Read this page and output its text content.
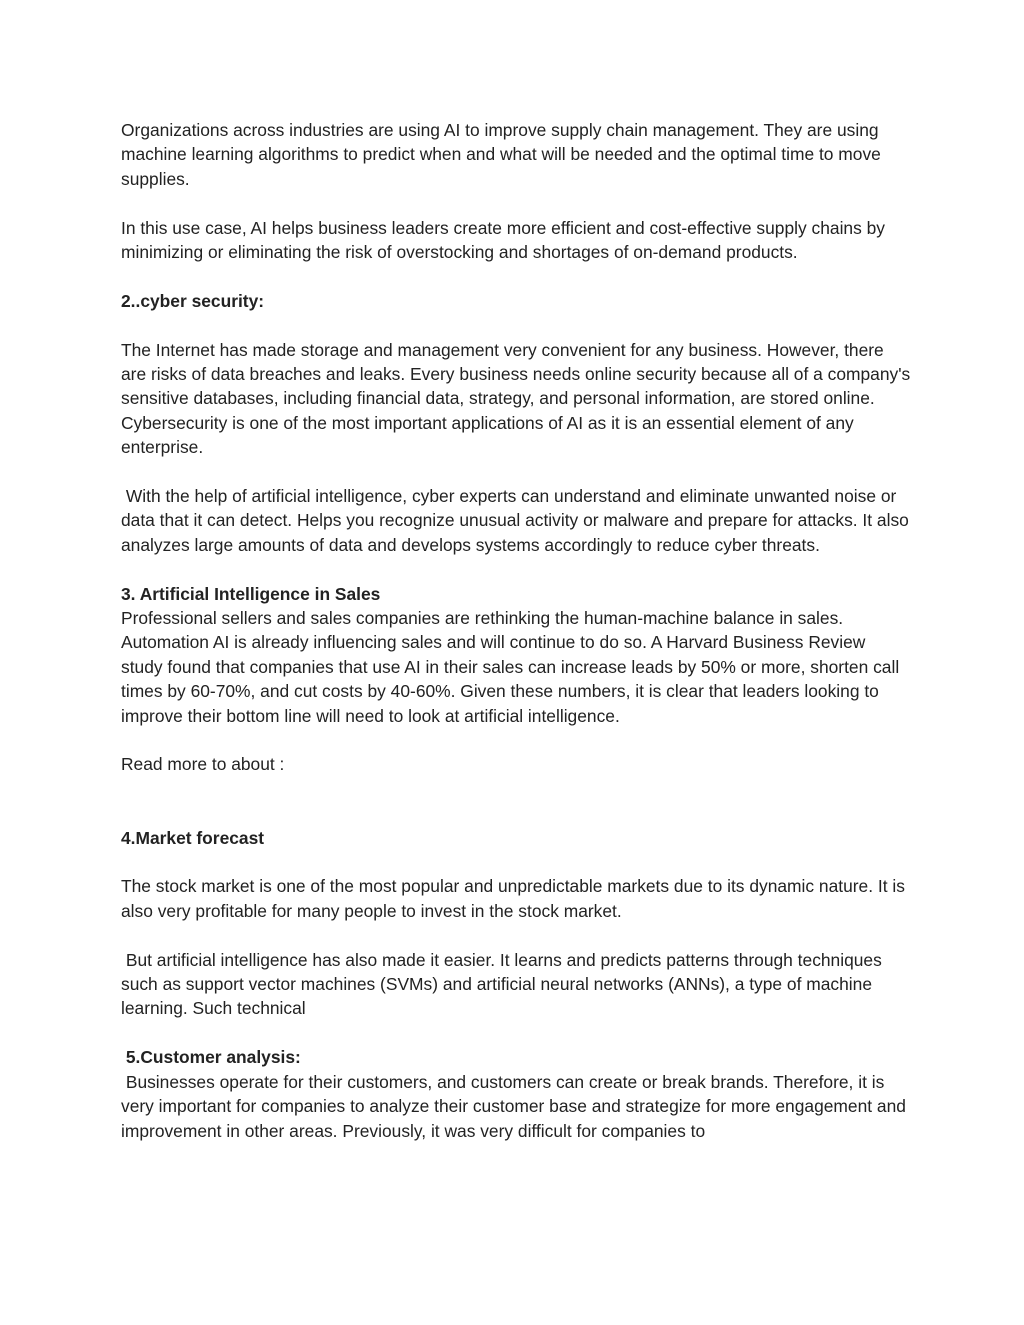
Organizations across industries are using AI to improve supply chain management. They are using machine learning algorithms to predict when and what will be needed and the optimal time to move supplies.

In this use case, AI helps business leaders create more efficient and cost-effective supply chains by minimizing or eliminating the risk of overstocking and shortages of on-demand products.

2..cyber security:

The Internet has made storage and management very convenient for any business. However, there are risks of data breaches and leaks. Every business needs online security because all of a company's sensitive databases, including financial data, strategy, and personal information, are stored online. Cybersecurity is one of the most important applications of AI as it is an essential element of any enterprise.

With the help of artificial intelligence, cyber experts can understand and eliminate unwanted noise or data that it can detect. Helps you recognize unusual activity or malware and prepare for attacks. It also analyzes large amounts of data and develops systems accordingly to reduce cyber threats.

3. Artificial Intelligence in Sales

Professional sellers and sales companies are rethinking the human-machine balance in sales. Automation AI is already influencing sales and will continue to do so. A Harvard Business Review study found that companies that use AI in their sales can increase leads by 50% or more, shorten call times by 60-70%, and cut costs by 40-60%. Given these numbers, it is clear that leaders looking to improve their bottom line will need to look at artificial intelligence.

Read more to about :

4.Market forecast

The stock market is one of the most popular and unpredictable markets due to its dynamic nature. It is also very profitable for many people to invest in the stock market.

But artificial intelligence has also made it easier. It learns and predicts patterns through techniques such as support vector machines (SVMs) and artificial neural networks (ANNs), a type of machine learning. Such technical

5.Customer analysis:

Businesses operate for their customers, and customers can create or break brands. Therefore, it is very important for companies to analyze their customer base and strategize for more engagement and improvement in other areas. Previously, it was very difficult for companies to
